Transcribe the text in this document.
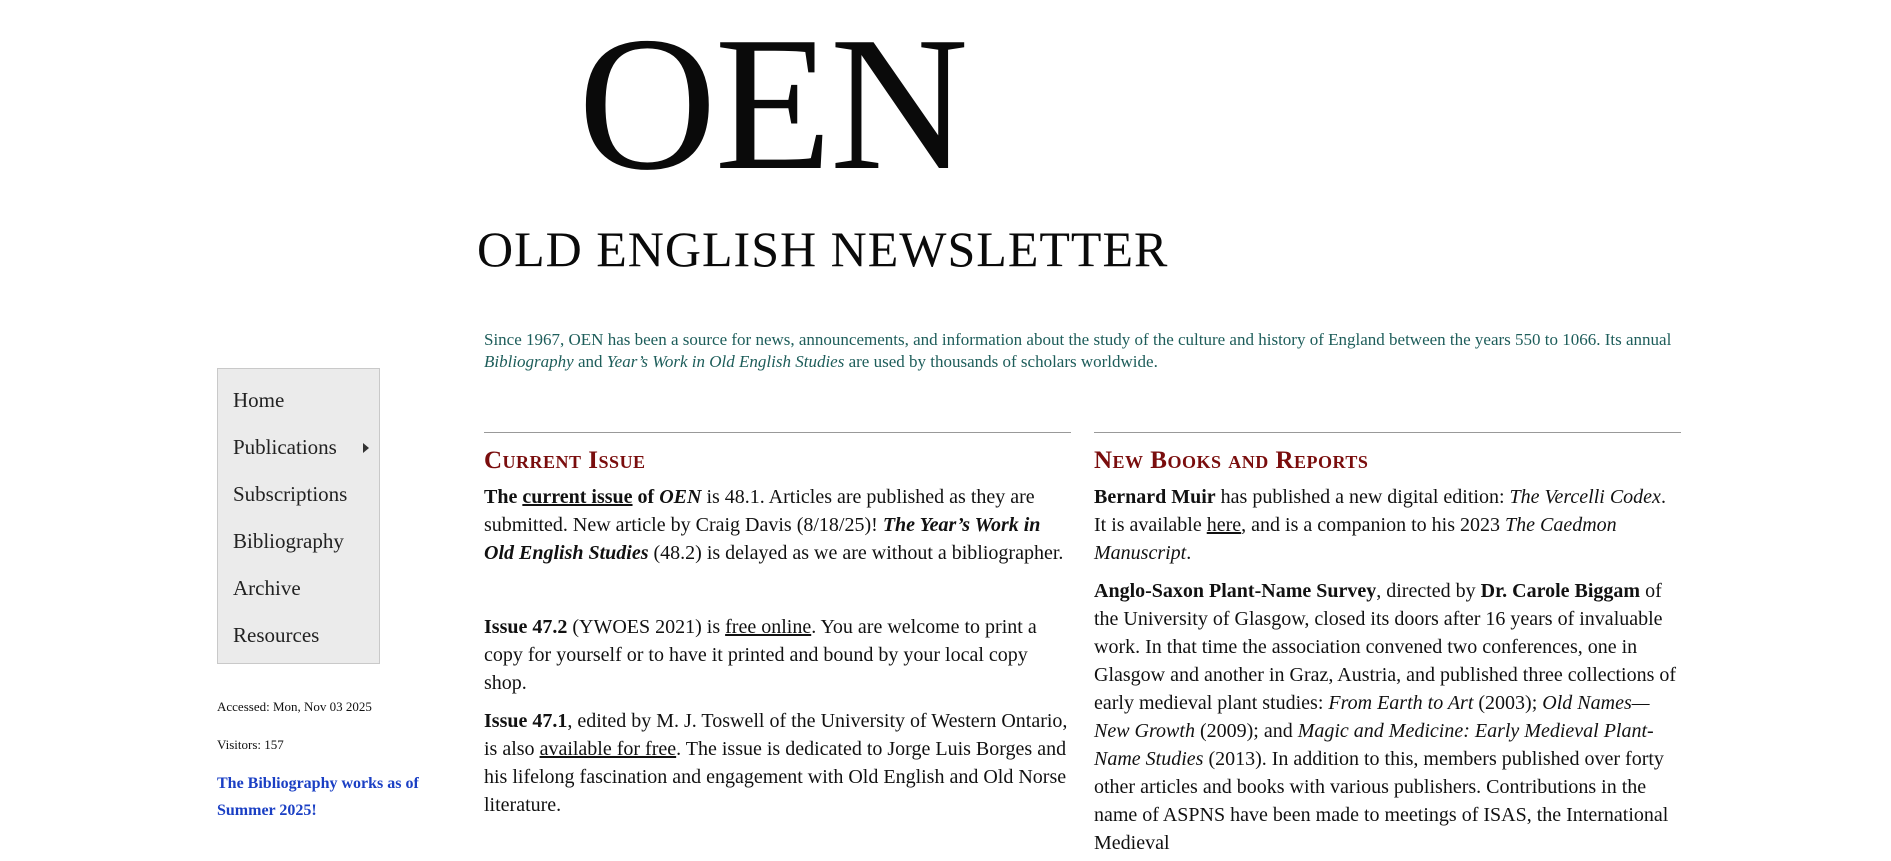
OEN
OLD ENGLISH NEWSLETTER
Since 1967, OEN has been a source for news, announcements, and information about the study of the culture and history of England between the years 550 to 1066. Its annual Bibliography and Year’s Work in Old English Studies are used by thousands of scholars worldwide.
Home
Publications
Subscriptions
Bibliography
Archive
Resources
Accessed: Mon, Nov 03 2025
Visitors: 157
The Bibliography works as of Summer 2025!
Current Issue

The current issue of OEN is 48.1. Articles are published as they are submitted. New article by Craig Davis (8/18/25)! The Year’s Work in Old English Studies (48.2) is delayed as we are without a bibliographer.

Issue 47.2 (YWOES 2021) is free online. You are welcome to print a copy for yourself or to have it printed and bound by your local copy shop.

Issue 47.1, edited by M. J. Toswell of the University of Western Ontario, is also available for free. The issue is dedicated to Jorge Luis Borges and his lifelong fascination and engagement with Old English and Old Norse literature.

New Books and Reports

Bernard Muir has published a new digital edition: The Vercelli Codex. It is available here, and is a companion to his 2023 The Caedmon Manuscript.

Anglo-Saxon Plant-Name Survey, directed by Dr. Carole Biggam of the University of Glasgow, closed its doors after 16 years of invaluable work. In that time the association convened two conferences, one in Glasgow and another in Graz, Austria, and published three collections of early medieval plant studies: From Earth to Art (2003); Old Names—New Growth (2009); and Magic and Medicine: Early Medieval Plant-Name Studies (2013). In addition to this, members published over forty other articles and books with various publishers. Contributions in the name of ASPNS have been made to meetings of ISAS, the International Medieval
